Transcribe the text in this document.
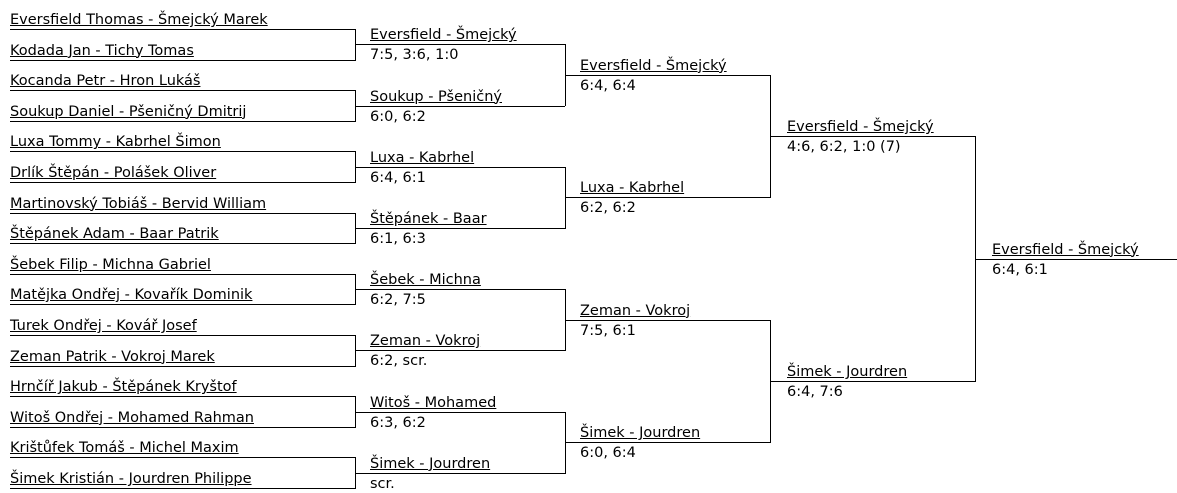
Eversfield Thomas - Šmejcký Marek
Kodada Jan - Tichy Tomas
Kocanda Petr - Hron Lukáš
Soukup Daniel - Pšeničný Dmitrij
Luxa Tommy - Kabrhel Šimon
Drlík Štěpán - Polášek Oliver
Martinovský Tobiáš - Bervid William
Štěpánek Adam - Baar Patrik
Šebek Filip - Michna Gabriel
Matějka Ondřej - Kovařík Dominik
Turek Ondřej - Kovář Josef
Zeman Patrik - Vokroj Marek
Hrnčíř Jakub - Štěpánek Kryštof
Witoš Ondřej - Mohamed Rahman
Krištůfek Tomáš - Michel Maxim
Šimek Kristián - Jourdren Philippe
Eversfield - Šmejcký
7:5, 3:6, 1:0
Soukup - Pšeničný
6:0, 6:2
Luxa - Kabrhel
6:4, 6:1
Štěpánek - Baar
6:1, 6:3
Šebek - Michna
6:2, 7:5
Zeman - Vokroj
6:2, scr.
Witoš - Mohamed
6:3, 6:2
Šimek - Jourdren
scr.
Eversfield - Šmejcký
6:4, 6:4
Luxa - Kabrhel
6:2, 6:2
Zeman - Vokroj
7:5, 6:1
Šimek - Jourdren
6:0, 6:4
Eversfield - Šmejcký
4:6, 6:2, 1:0 (7)
Šimek - Jourdren
6:4, 7:6
Eversfield - Šmejcký
6:4, 6:1
